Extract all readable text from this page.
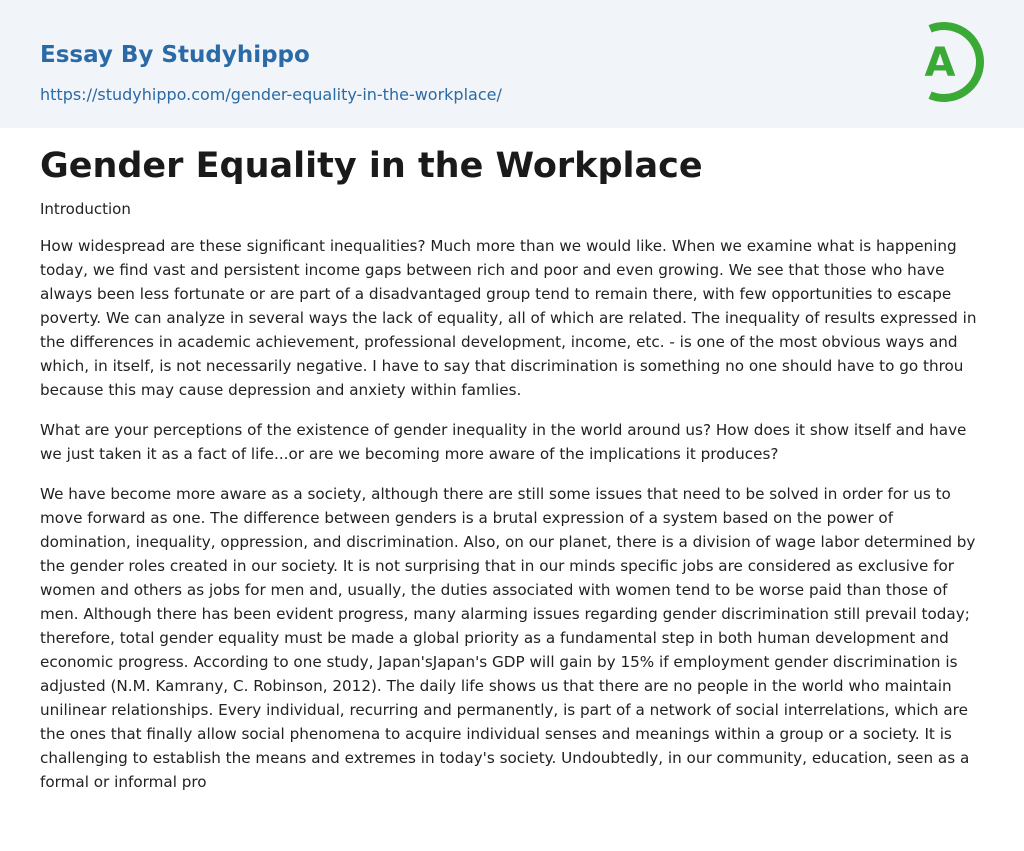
Essay By Studyhippo
https://studyhippo.com/gender-equality-in-the-workplace/
A
Gender Equality in the Workplace
Introduction

How widespread are these significant inequalities? Much more than we would like. When we examine what is happening today, we find vast and persistent income gaps between rich and poor and even growing. We see that those who have always been less fortunate or are part of a disadvantaged group tend to remain there, with few opportunities to escape poverty. We can analyze in several ways the lack of equality, all of which are related. The inequality of results expressed in the differences in academic achievement, professional development, income, etc. - is one of the most obvious ways and which, in itself, is not necessarily negative. I have to say that discrimination is something no one should have to go throu because this may cause depression and anxiety within famlies.

What are your perceptions of the existence of gender inequality in the world around us? How does it show itself and have we just taken it as a fact of life...or are we becoming more aware of the implications it produces?

We have become more aware as a society, although there are still some issues that need to be solved in order for us to move forward as one. The difference between genders is a brutal expression of a system based on the power of domination, inequality, oppression, and discrimination. Also, on our planet, there is a division of wage labor determined by the gender roles created in our society. It is not surprising that in our minds specific jobs are considered as exclusive for women and others as jobs for men and, usually, the duties associated with women tend to be worse paid than those of men. Although there has been evident progress, many alarming issues regarding gender discrimination still prevail today; therefore, total gender equality must be made a global priority as a fundamental step in both human development and economic progress. According to one study, Japan'sJapan's GDP will gain by 15% if employment gender discrimination is adjusted (N.M. Kamrany, C. Robinson, 2012). The daily life shows us that there are no people in the world who maintain unilinear relationships. Every individual, recurring and permanently, is part of a network of social interrelations, which are the ones that finally allow social phenomena to acquire individual senses and meanings within a group or a society. It is challenging to establish the means and extremes in today's society. Undoubtedly, in our community, education, seen as a formal or informal pro
